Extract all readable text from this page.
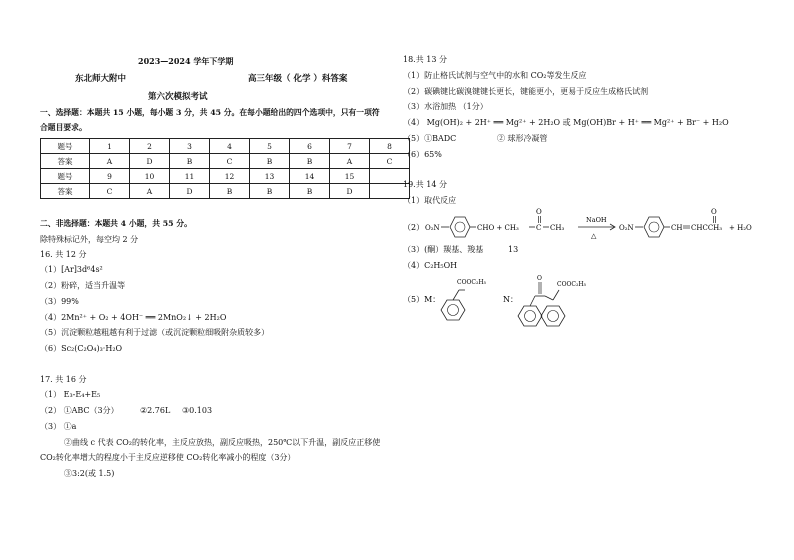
2023—2024 学年下学期
东北师大附中	高三年级（ 化学 ）科答案
第六次模拟考试
一、选择题：本题共 15 小题，每小题 3 分，共 45 分。在每小题给出的四个选项中，只有一项符
合题目要求。
题号	1	2	3	4	5	6	7	8
答案	A	D	B	C	B	B	A	C
题号	9	10	11	12	13	14	15	
答案	C	A	D	B	B	B	D	
二、非选择题：本题共 4 小题，共 55 分。
除特殊标记外，每空均 2 分
16. 共 12 分
（1）[Ar]3d⁶4s²
（2）粉碎，适当升温等
（3）99%
（4）2Mn²⁺ + O₂ + 4OH⁻ ══ 2MnO₂↓ + 2H₂O
（5）沉淀颗粒越粗越有利于过滤（或沉淀颗粒细吸附杂质较多）
（6）Sc₂(C₂O₄)₃·H₂O
17. 共 16 分
（1） E₃-E₄+E₅
（2） ①ABC（3分）	②2.76L ③0.103
（3） ①a
②曲线 c 代表 CO₂的转化率，主反应放热，副反应吸热，250℃以下升温，副反应正移使
CO₂转化率增大的程度小于主反应逆移使 CO₂转化率减小的程度（3分）
③3:2(或 1.5)
18.共 13 分
（1）防止格氏试剂与空气中的水和 CO₂等发生反应
（2）碳碘键比碳溴键键长更长，键能更小，更易于反应生成格氏试剂
（3）水浴加热 （1分）
（4） Mg(OH)₂ + 2H⁺ ══ Mg²⁺ + 2H₂O 或 Mg(OH)Br + H⁺ ══ Mg²⁺ + Br⁻ + H₂O
（5）①BADC	② 球形冷凝管
（6）65%
19.共 14 分
（1）取代反应
（2） O₂N	CHO + CH₃ C
O
CH₃
NaOH
△
O₂N	CH CHCCH₃
O
+ H₂O
（3）(酮）羰基、羧基	13
（4）C₂H₅OH
（5）M：
COOC₂H₅
N：
O
COOC₂H₅
